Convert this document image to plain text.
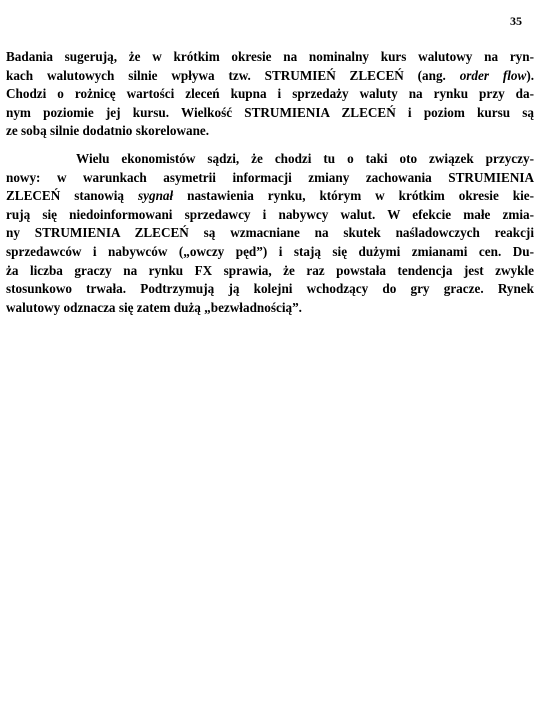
35
Badania sugerują, że w krótkim okresie na nominalny kurs walutowy na ryn-
kach walutowych silnie wpływa tzw. STRUMIEŃ ZLECEŃ (ang. order flow).
Chodzi o rożnicę wartości zleceń kupna i sprzedaży waluty na rynku przy da-
nym poziomie jej kursu. Wielkość STRUMIENIA ZLECEŃ i poziom kursu są
ze sobą silnie dodatnio skorelowane.
Wielu ekonomistów sądzi, że chodzi tu o taki oto związek przyczy-
nowy: w warunkach asymetrii informacji zmiany zachowania STRUMIENIA
ZLECEŃ stanowią sygnał nastawienia rynku, którym w krótkim okresie kie-
rują się niedoinformowani sprzedawcy i nabywcy walut. W efekcie małe zmia-
ny STRUMIENIA ZLECEŃ są wzmacniane na skutek naśladowczych reakcji
sprzedawców i nabywców („owczy pęd”) i stają się dużymi zmianami cen. Du-
ża liczba graczy na rynku FX sprawia, że raz powstała tendencja jest zwykle
stosunkowo trwała. Podtrzymują ją kolejni wchodzący do gry gracze. Rynek
walutowy odznacza się zatem dużą „bezwładnością”.
